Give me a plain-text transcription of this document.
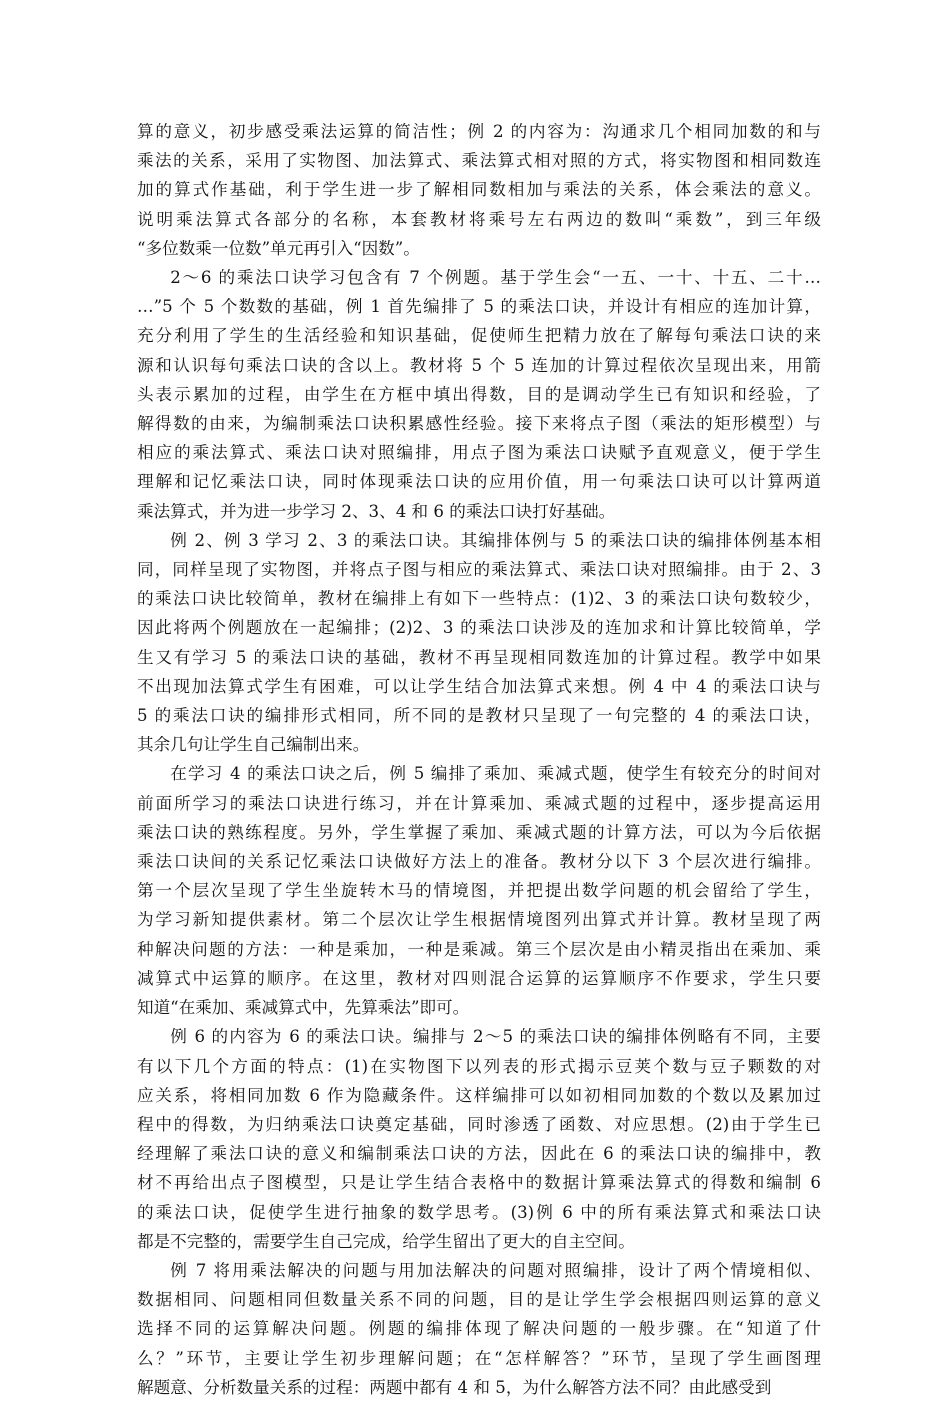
算的意义，初步感受乘法运算的简洁性；例 2 的内容为：沟通求几个相同加数的和与
乘法的关系，采用了实物图、加法算式、乘法算式相对照的方式，将实物图和相同数连
加的算式作基础，利于学生进一步了解相同数相加与乘法的关系，体会乘法的意义。
说明乘法算式各部分的名称，本套教材将乘号左右两边的数叫“乘数”，到三年级
“多位数乘一位数”单元再引入“因数”。
2～6 的乘法口诀学习包含有 7 个例题。基于学生会“一五、一十、十五、二十…
…”5 个 5 个数数的基础，例 1 首先编排了 5 的乘法口诀，并设计有相应的连加计算，
充分利用了学生的生活经验和知识基础，促使师生把精力放在了解每句乘法口诀的来
源和认识每句乘法口诀的含以上。教材将 5 个 5 连加的计算过程依次呈现出来，用箭
头表示累加的过程，由学生在方框中填出得数，目的是调动学生已有知识和经验，了
解得数的由来，为编制乘法口诀积累感性经验。接下来将点子图（乘法的矩形模型）与
相应的乘法算式、乘法口诀对照编排，用点子图为乘法口诀赋予直观意义，便于学生
理解和记忆乘法口诀，同时体现乘法口诀的应用价值，用一句乘法口诀可以计算两道
乘法算式，并为进一步学习 2、3、4 和 6 的乘法口诀打好基础。
例 2、例 3 学习 2、3 的乘法口诀。其编排体例与 5 的乘法口诀的编排体例基本相
同，同样呈现了实物图，并将点子图与相应的乘法算式、乘法口诀对照编排。由于 2、3
的乘法口诀比较简单，教材在编排上有如下一些特点：(1)2、3 的乘法口诀句数较少，
因此将两个例题放在一起编排；(2)2、3 的乘法口诀涉及的连加求和计算比较简单，学
生又有学习 5 的乘法口诀的基础，教材不再呈现相同数连加的计算过程。教学中如果
不出现加法算式学生有困难，可以让学生结合加法算式来想。例 4 中 4 的乘法口诀与
5 的乘法口诀的编排形式相同，所不同的是教材只呈现了一句完整的 4 的乘法口诀，
其余几句让学生自己编制出来。
在学习 4 的乘法口诀之后，例 5 编排了乘加、乘减式题，使学生有较充分的时间对
前面所学习的乘法口诀进行练习，并在计算乘加、乘减式题的过程中，逐步提高运用
乘法口诀的熟练程度。另外，学生掌握了乘加、乘减式题的计算方法，可以为今后依据
乘法口诀间的关系记忆乘法口诀做好方法上的准备。教材分以下 3 个层次进行编排。
第一个层次呈现了学生坐旋转木马的情境图，并把提出数学问题的机会留给了学生，
为学习新知提供素材。第二个层次让学生根据情境图列出算式并计算。教材呈现了两
种解决问题的方法：一种是乘加，一种是乘减。第三个层次是由小精灵指出在乘加、乘
减算式中运算的顺序。在这里，教材对四则混合运算的运算顺序不作要求，学生只要
知道“在乘加、乘减算式中，先算乘法”即可。
例 6 的内容为 6 的乘法口诀。编排与 2～5 的乘法口诀的编排体例略有不同，主要
有以下几个方面的特点：(1)在实物图下以列表的形式揭示豆荚个数与豆子颗数的对
应关系，将相同加数 6 作为隐藏条件。这样编排可以如初相同加数的个数以及累加过
程中的得数，为归纳乘法口诀奠定基础，同时渗透了函数、对应思想。(2)由于学生已
经理解了乘法口诀的意义和编制乘法口诀的方法，因此在 6 的乘法口诀的编排中，教
材不再给出点子图模型，只是让学生结合表格中的数据计算乘法算式的得数和编制 6
的乘法口诀，促使学生进行抽象的数学思考。(3)例 6 中的所有乘法算式和乘法口诀
都是不完整的，需要学生自己完成，给学生留出了更大的自主空间。
例 7 将用乘法解决的问题与用加法解决的问题对照编排，设计了两个情境相似、
数据相同、问题相同但数量关系不同的问题，目的是让学生学会根据四则运算的意义
选择不同的运算解决问题。例题的编排体现了解决问题的一般步骤。在“知道了什
么？”环节，主要让学生初步理解问题；在“怎样解答？”环节，呈现了学生画图理
解题意、分析数量关系的过程：两题中都有 4 和 5，为什么解答方法不同？由此感受到
